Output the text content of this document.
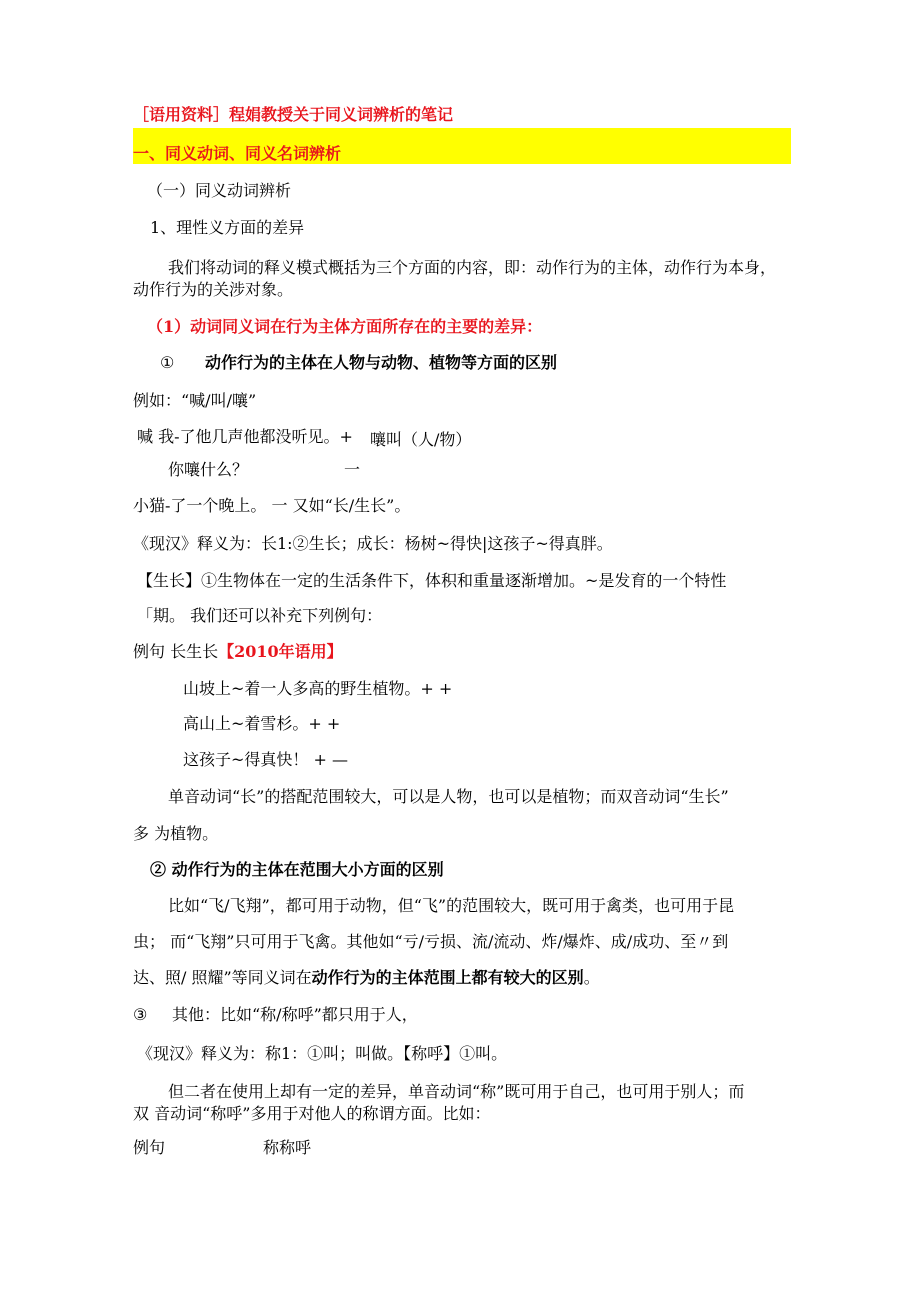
［语用资料］程娟教授关于同义词辨析的笔记
一、同义动词、同义名词辨析
（一）同义动词辨析
1、理性义方面的差异
我们将动词的释义模式概括为三个方面的内容，即：动作行为的主体，动作行为本身，
动作行为的关涉对象。
（1）动词同义词在行为主体方面所存在的主要的差异：
① 动作行为的主体在人物与动物、植物等方面的区别
例如：“喊/叫/嚷”
喊 我-了他几声他都没听见。+ 嚷叫（人/物）
你嚷什么？	一
小猫-了一个晚上。 一 又如“长/生长”。
《现汉》释义为：长1:②生长；成长：杨树~得快|这孩子~得真胖。
【生长】①生物体在一定的生活条件下，体积和重量逐渐增加。~是发育的一个特性
「期。 我们还可以补充下列例句：
例句 长生长【2010年语用】
山坡上~着一人多高的野生植物。+ +
高山上~着雪杉。+ +
这孩子~得真快！ + —
单音动词“长”的搭配范围较大，可以是人物，也可以是植物；而双音动词“生长”
多 为植物。
② 动作行为的主体在范围大小方面的区别
比如“飞/飞翔”，都可用于动物，但“飞”的范围较大，既可用于禽类，也可用于昆
虫； 而“飞翔”只可用于飞禽。其他如“亏/亏损、流/流动、炸/爆炸、成/成功、至〃到
达、照/ 照耀”等同义词在动作行为的主体范围上都有较大的区别。
③ 其他：比如“称/称呼”都只用于人，
《现汉》释义为：称1：①叫；叫做。【称呼】①叫。
但二者在使用上却有一定的差异，单音动词“称”既可用于自己，也可用于别人；而
双 音动词“称呼”多用于对他人的称谓方面。比如：
例句	称称呼
